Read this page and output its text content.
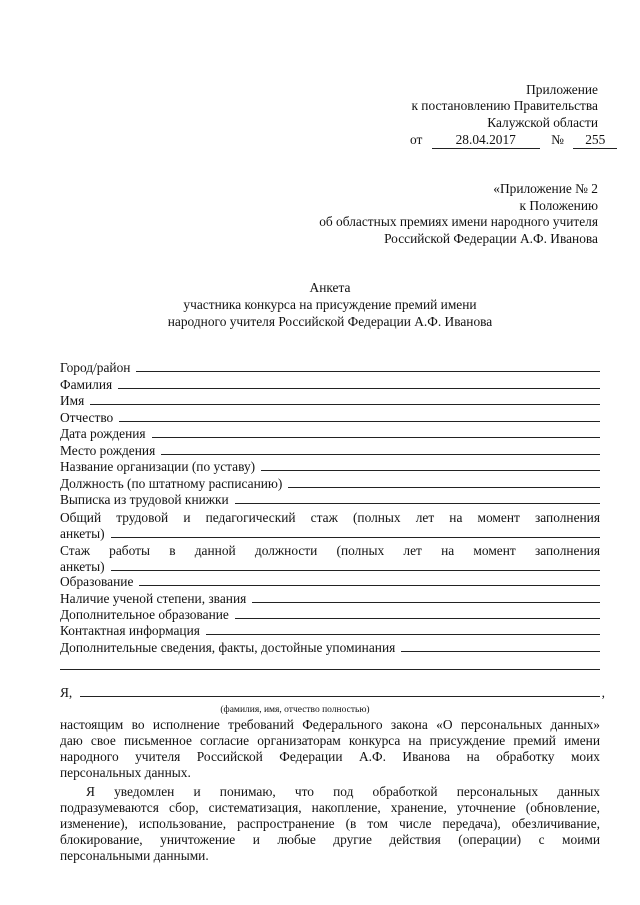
Приложение
к постановлению Правительства
Калужской области
от 28.04.2017	№ 255
«Приложение № 2
к Положению
об областных премиях имени народного учителя
Российской Федерации А.Ф. Иванова
Анкета
участника конкурса на присуждение премий имени
народного учителя Российской Федерации А.Ф. Иванова
Город/район
Фамилия
Имя
Отчество
Дата рождения
Место рождения
Название организации (по уставу)
Должность (по штатному расписанию)
Выписка из трудовой книжки
Общий трудовой и педагогический стаж (полных лет на момент заполнения
анкеты)
Стаж работы в данной должности (полных лет на момент заполнения
анкеты)
Образование
Наличие ученой степени, звания
Дополнительное образование
Контактная информация
Дополнительные сведения, факты, достойные упоминания
Я,	,
(фамилия, имя, отчество полностью)
настоящим во исполнение требований Федерального закона «О персональных данных»
даю свое письменное согласие организаторам конкурса на присуждение премий имени
народного учителя Российской Федерации А.Ф. Иванова на обработку моих
персональных данных.
Я уведомлен и понимаю, что под обработкой персональных данных
подразумеваются сбор, систематизация, накопление, хранение, уточнение (обновление,
изменение), использование, распространение (в том числе передача), обезличивание,
блокирование, уничтожение и любые другие действия (операции) с моими
персональными данными.
